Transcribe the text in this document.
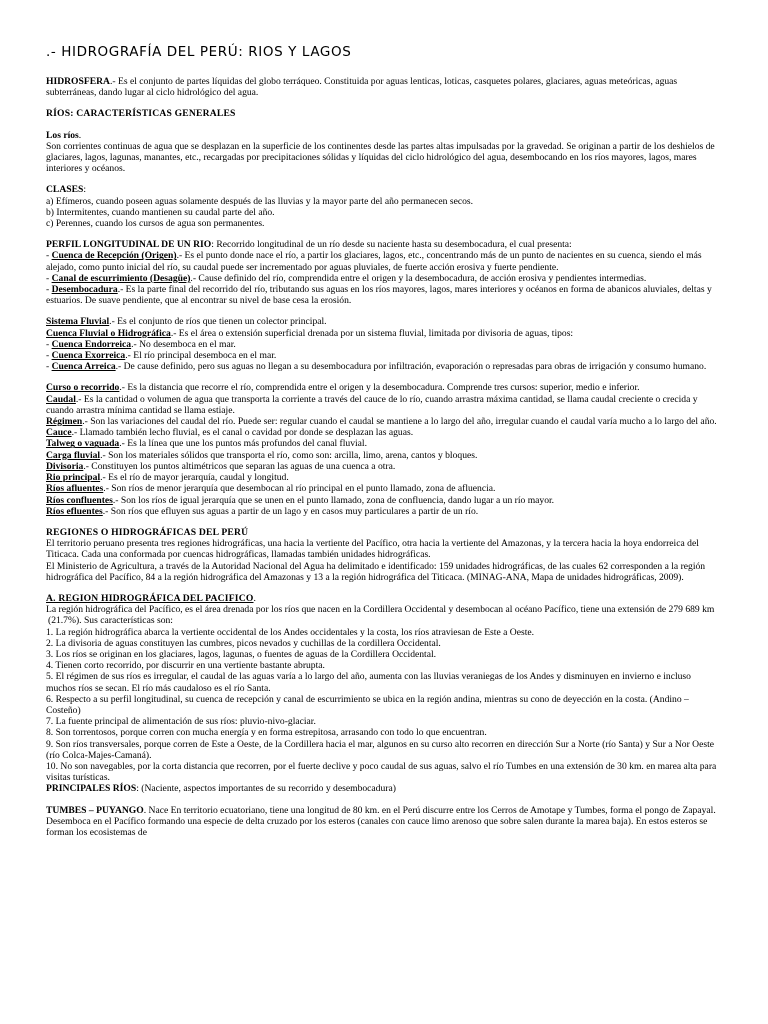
.- HIDROGRAFÍA DEL PERÚ: RIOS Y LAGOS

HIDROSFERA.- Es el conjunto de partes líquidas del globo terráqueo. Constituida por aguas lenticas, loticas, casquetes polares, glaciares, aguas meteóricas, aguas subterráneas, dando lugar al ciclo hidrológico del agua.

RÍOS: CARACTERÍSTICAS GENERALES

Los ríos.

Son corrientes continuas de agua que se desplazan en la superficie de los continentes desde las partes altas impulsadas por la gravedad. Se originan a partir de los deshielos de glaciares, lagos, lagunas, manantes, etc., recargadas por precipitaciones sólidas y líquidas del ciclo hidrológico del agua, desembocando en los ríos mayores, lagos, mares interiores y océanos.

CLASES:

a) Efímeros, cuando poseen aguas solamente después de las lluvias y la mayor parte del año permanecen secos.

b) Intermitentes, cuando mantienen su caudal parte del año.

c) Perennes, cuando los cursos de agua son permanentes.

PERFIL LONGITUDINAL DE UN RIO: Recorrido longitudinal de un río desde su naciente hasta su desembocadura, el cual presenta:

- Cuenca de Recepción (Origen).- Es el punto donde nace el río, a partir los glaciares, lagos, etc., concentrando más de un punto de nacientes en su cuenca, siendo el más alejado, como punto inicial del río, su caudal puede ser incrementado por aguas pluviales, de fuerte acción erosiva y fuerte pendiente.

- Canal de escurrimiento (Desagüe).- Cause definido del río, comprendida entre el origen y la desembocadura, de acción erosiva y pendientes intermedias.

- Desembocadura.- Es la parte final del recorrido del río, tributando sus aguas en los ríos mayores, lagos, mares interiores y océanos en forma de abanicos aluviales, deltas y estuarios. De suave pendiente, que al encontrar su nivel de base cesa la erosión.

Sistema Fluvial.- Es el conjunto de ríos que tienen un colector principal.

Cuenca Fluvial o Hidrográfica.- Es el área o extensión superficial drenada por un sistema fluvial, limitada por divisoria de aguas, tipos:

- Cuenca Endorreica.- No desemboca en el mar.

- Cuenca Exorreica.- El río principal desemboca en el mar.

- Cuenca Arreica.- De cause definido, pero sus aguas no llegan a su desembocadura por infiltración, evaporación o represadas para obras de irrigación y consumo humano.

Curso o recorrido.- Es la distancia que recorre el río, comprendida entre el origen y la desembocadura. Comprende tres cursos: superior, medio e inferior.

Caudal.- Es la cantidad o volumen de agua que transporta la corriente a través del cauce de lo río, cuando arrastra máxima cantidad, se llama caudal creciente o crecida y cuando arrastra mínima cantidad se llama estiaje.

Régimen.- Son las variaciones del caudal del río. Puede ser: regular cuando el caudal se mantiene a lo largo del año, irregular cuando el caudal varía mucho a lo largo del año.

Cauce.- Llamado también lecho fluvial, es el canal o cavidad por donde se desplazan las aguas.

Talweg o vaguada.- Es la línea que une los puntos más profundos del canal fluvial.

Carga fluvial.- Son los materiales sólidos que transporta el río, como son: arcilla, limo, arena, cantos y bloques.

Divisoria.- Constituyen los puntos altimétricos que separan las aguas de una cuenca a otra.

Rio principal.- Es el río de mayor jerarquía, caudal y longitud.

Ríos afluentes.- Son ríos de menor jerarquía que desembocan al río principal en el punto llamado, zona de afluencia.

Ríos confluentes.- Son los ríos de igual jerarquía que se unen en el punto llamado, zona de confluencia, dando lugar a un río mayor.

Ríos efluentes.- Son ríos que efluyen sus aguas a partir de un lago y en casos muy particulares a partir de un río.

REGIONES O HIDROGRÁFICAS DEL PERÚ

El territorio peruano presenta tres regiones hidrográficas, una hacia la vertiente del Pacífico, otra hacia la vertiente del Amazonas, y la tercera hacia la hoya endorreica del Titicaca. Cada una conformada por cuencas hidrográficas, llamadas también unidades hidrográficas.

El Ministerio de Agricultura, a través de la Autoridad Nacional del Agua ha delimitado e identificado: 159 unidades hidrográficas, de las cuales 62 corresponden a la región hidrográfica del Pacífico, 84 a la región hidrográfica del Amazonas y 13 a la región hidrográfica del Titicaca. (MINAG-ANA, Mapa de unidades hidrográficas, 2009).

A. REGION HIDROGRÁFICA DEL PACIFICO.

La región hidrográfica del Pacífico, es el área drenada por los ríos que nacen en la Cordillera Occidental y desembocan al océano Pacífico, tiene una extensión de 279 689 km

(21.7%). Sus características son:

1. La región hidrográfica abarca la vertiente occidental de los Andes occidentales y la costa, los ríos atraviesan de Este a Oeste.

2. La divisoria de aguas constituyen las cumbres, picos nevados y cuchillas de la cordillera Occidental.

3. Los ríos se originan en los glaciares, lagos, lagunas, o fuentes de aguas de la Cordillera Occidental.

4. Tienen corto recorrido, por discurrir en una vertiente bastante abrupta.

5. El régimen de sus ríos es irregular, el caudal de las aguas varía a lo largo del año, aumenta con las lluvias veraniegas de los Andes y disminuyen en invierno e incluso muchos ríos se secan. El río más caudaloso es el río Santa.

6. Respecto a su perfil longitudinal, su cuenca de recepción y canal de escurrimiento se ubica en la región andina, mientras su cono de deyección en la costa. (Andino – Costeño)

7. La fuente principal de alimentación de sus ríos: pluvio-nivo-glaciar.

8. Son torrentosos, porque corren con mucha energía y en forma estrepitosa, arrasando con todo lo que encuentran.

9. Son ríos transversales, porque corren de Este a Oeste, de la Cordillera hacia el mar, algunos en su curso alto recorren en dirección Sur a Norte (río Santa) y Sur a Nor Oeste (río Colca-Majes-Camaná).

10. No son navegables, por la corta distancia que recorren, por el fuerte declive y poco caudal de sus aguas, salvo el río Tumbes en una extensión de 30 km. en marea alta para visitas turísticas.

PRINCIPALES RÍOS: (Naciente, aspectos importantes de su recorrido y desembocadura)

TUMBES – PUYANGO. Nace En territorio ecuatoriano, tiene una longitud de 80 km. en el Perú discurre entre los Cerros de Amotape y Tumbes, forma el pongo de Zapayal. Desemboca en el Pacífico formando una especie de delta cruzado por los esteros (canales con cauce limo arenoso que sobre salen durante la marea baja). En estos esteros se forman los ecosistemas de
